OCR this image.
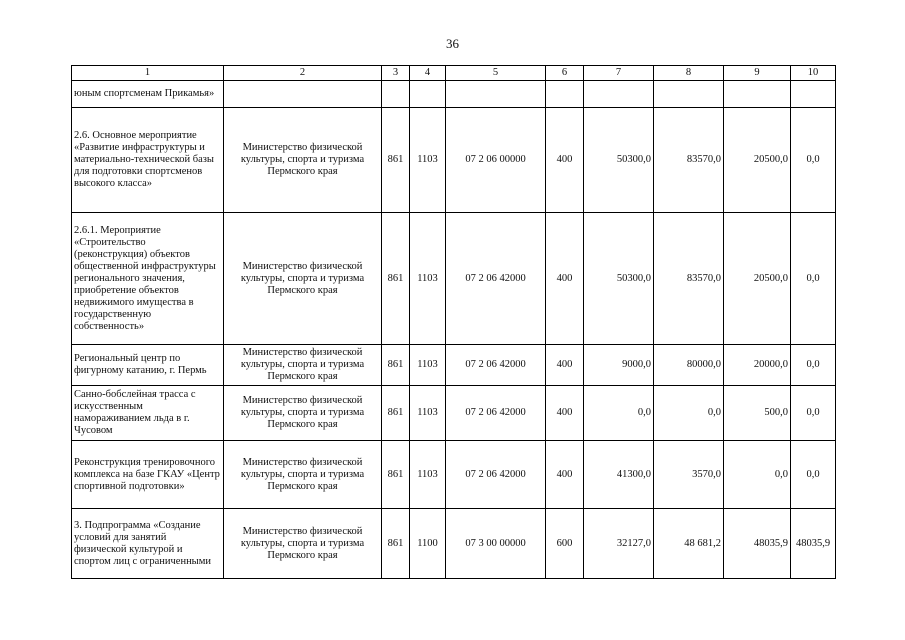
36
1	2	3	4	5	6	7	8	9	10
юным спортсменам Прикамья»									
2.6. Основное мероприятие «Развитие инфраструктуры и материально-технической базы для подготовки спортсменов высокого класса»	Министерство физической культуры, спорта и туризма Пермского края	861	1103	07 2 06 00000	400	50300,0	83570,0	20500,0	0,0
2.6.1. Мероприятие «Строительство (реконструкция) объектов общественной инфраструктуры регионального значения, приобретение объектов недвижимого имущества в государственную собственность»	Министерство физической культуры, спорта и туризма Пермского края	861	1103	07 2 06 42000	400	50300,0	83570,0	20500,0	0,0
Региональный центр по фигурному катанию, г. Пермь	Министерство физической культуры, спорта и туризма Пермского края	861	1103	07 2 06 42000	400	9000,0	80000,0	20000,0	0,0
Санно-бобслейная трасса с искусственным намораживанием льда в г. Чусовом	Министерство физической культуры, спорта и туризма Пермского края	861	1103	07 2 06 42000	400	0,0	0,0	500,0	0,0
Реконструкция тренировочного комплекса на базе ГКАУ «Центр спортивной подготовки»	Министерство физической культуры, спорта и туризма Пермского края	861	1103	07 2 06 42000	400	41300,0	3570,0	0,0	0,0
3. Подпрограмма «Создание условий для занятий физической культурой и спортом лиц с ограниченными	Министерство физической культуры, спорта и туризма Пермского края	861	1100	07 3 00 00000	600	32127,0	48 681,2	48035,9	48035,9
